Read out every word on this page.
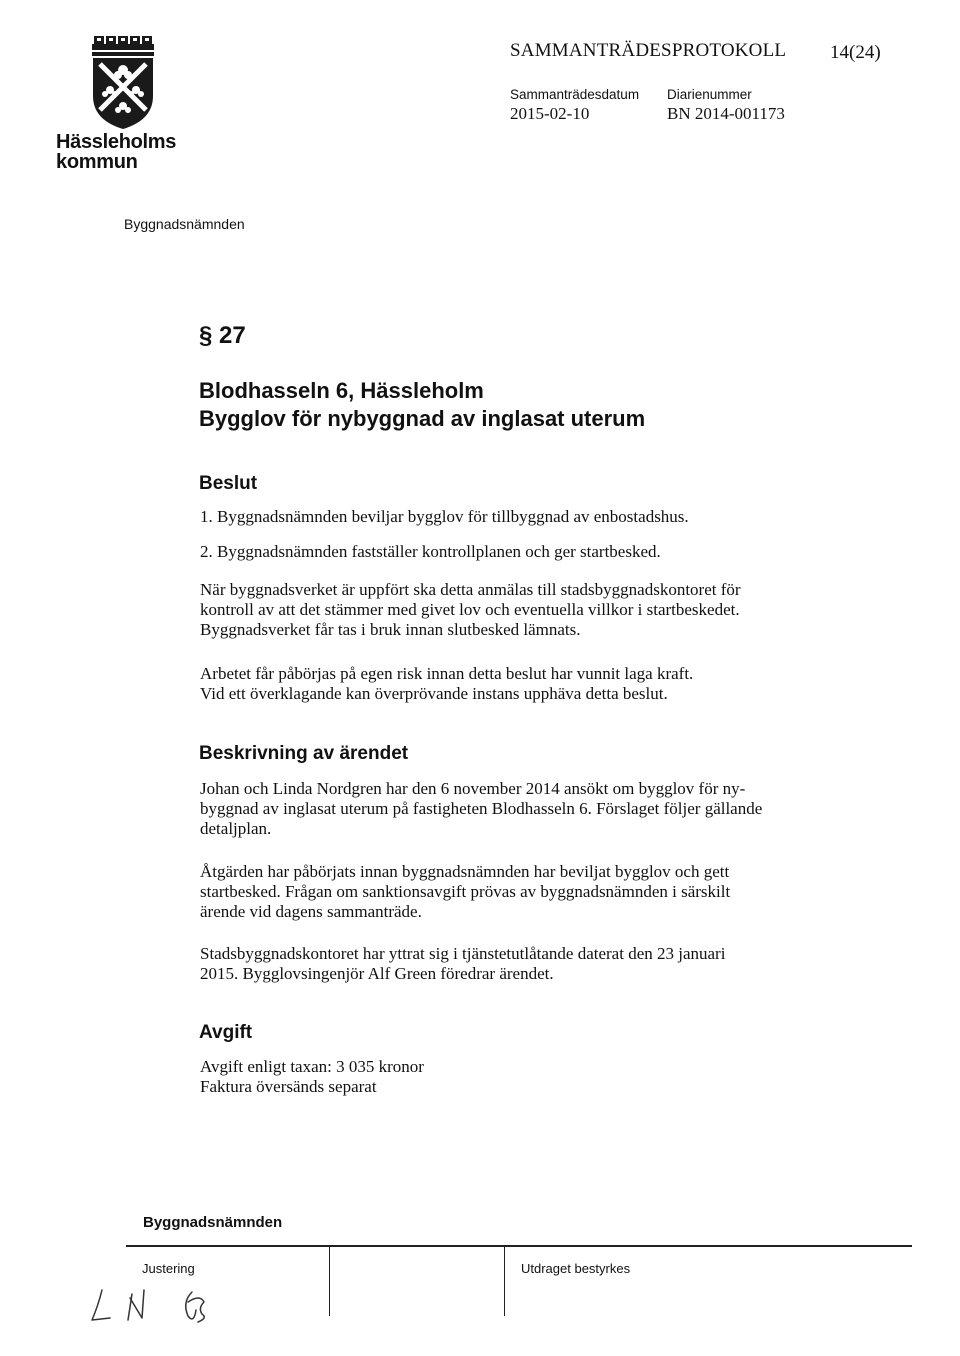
Hässleholms
kommun
SAMMANTRÄDESPROTOKOLL 14(24)
Sammanträdesdatum
2015-02-10
Diarienummer
BN 2014-001173
Byggnadsnämnden
§ 27
Blodhasseln 6, Hässleholm
Bygglov för nybyggnad av inglasat uterum
Beslut
1. Byggnadsnämnden beviljar bygglov för tillbyggnad av enbostadshus.
2. Byggnadsnämnden fastställer kontrollplanen och ger startbesked.
När byggnadsverket är uppfört ska detta anmälas till stadsbyggnadskontoret för
kontroll av att det stämmer med givet lov och eventuella villkor i startbeskedet.
Byggnadsverket får tas i bruk innan slutbesked lämnats.
Arbetet får påbörjas på egen risk innan detta beslut har vunnit laga kraft.
Vid ett överklagande kan överprövande instans upphäva detta beslut.
Beskrivning av ärendet
Johan och Linda Nordgren har den 6 november 2014 ansökt om bygglov för ny-
byggnad av inglasat uterum på fastigheten Blodhasseln 6. Förslaget följer gällande
detaljplan.
Åtgärden har påbörjats innan byggnadsnämnden har beviljat bygglov och gett
startbesked. Frågan om sanktionsavgift prövas av byggnadsnämnden i särskilt
ärende vid dagens sammanträde.
Stadsbyggnadskontoret har yttrat sig i tjänstetutlåtande daterat den 23 januari
2015. Bygglovsingenjör Alf Green föredrar ärendet.
Avgift
Avgift enligt taxan: 3 035 kronor
Faktura översänds separat
Byggnadsnämnden
Justering	Utdraget bestyrkes
